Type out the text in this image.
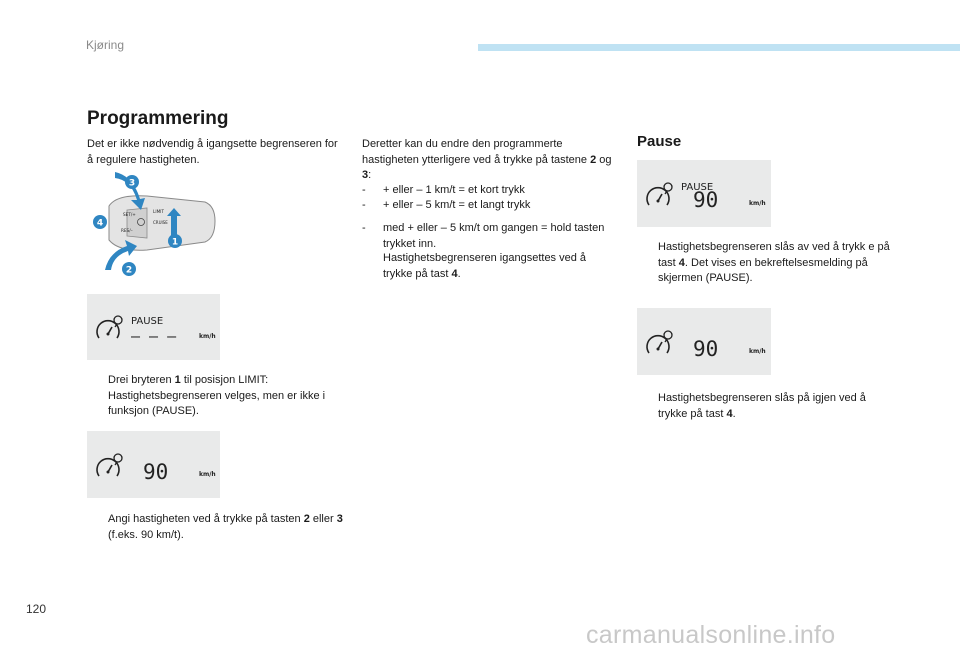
Kjøring
Programmering
Det er ikke nødvendig å igangsette begrenseren for å regulere hastigheten.
SET/+
LIMIT
CRUISE
RES/–
3
4
1
2
PAUSE
– – –	km/h
Drei bryteren 1 til posisjon LIMIT: Hastighetsbegrenseren velges, men er ikke i funksjon (PAUSE).
90	km/h
Angi hastigheten ved å trykke på tasten 2 eller 3 (f.eks. 90 km/t).
Deretter kan du endre den programmerte hastigheten ytterligere ved å trykke på tastene 2 og 3:
-	+ eller – 1 km/t = et kort trykk
-	+ eller – 5 km/t = et langt trykk
-	med + eller – 5 km/t om gangen = hold tasten trykket inn.
Hastighetsbegrenseren igangsettes ved å trykke på tast 4.
Pause
PAUSE
90	km/h
Hastighetsbegrenseren slås av ved å trykk e på tast 4. Det vises en bekreftelsesmelding på skjermen (PAUSE).
90	km/h
Hastighetsbegrenseren slås på igjen ved å trykke på tast 4.
120
carmanualsonline.info
